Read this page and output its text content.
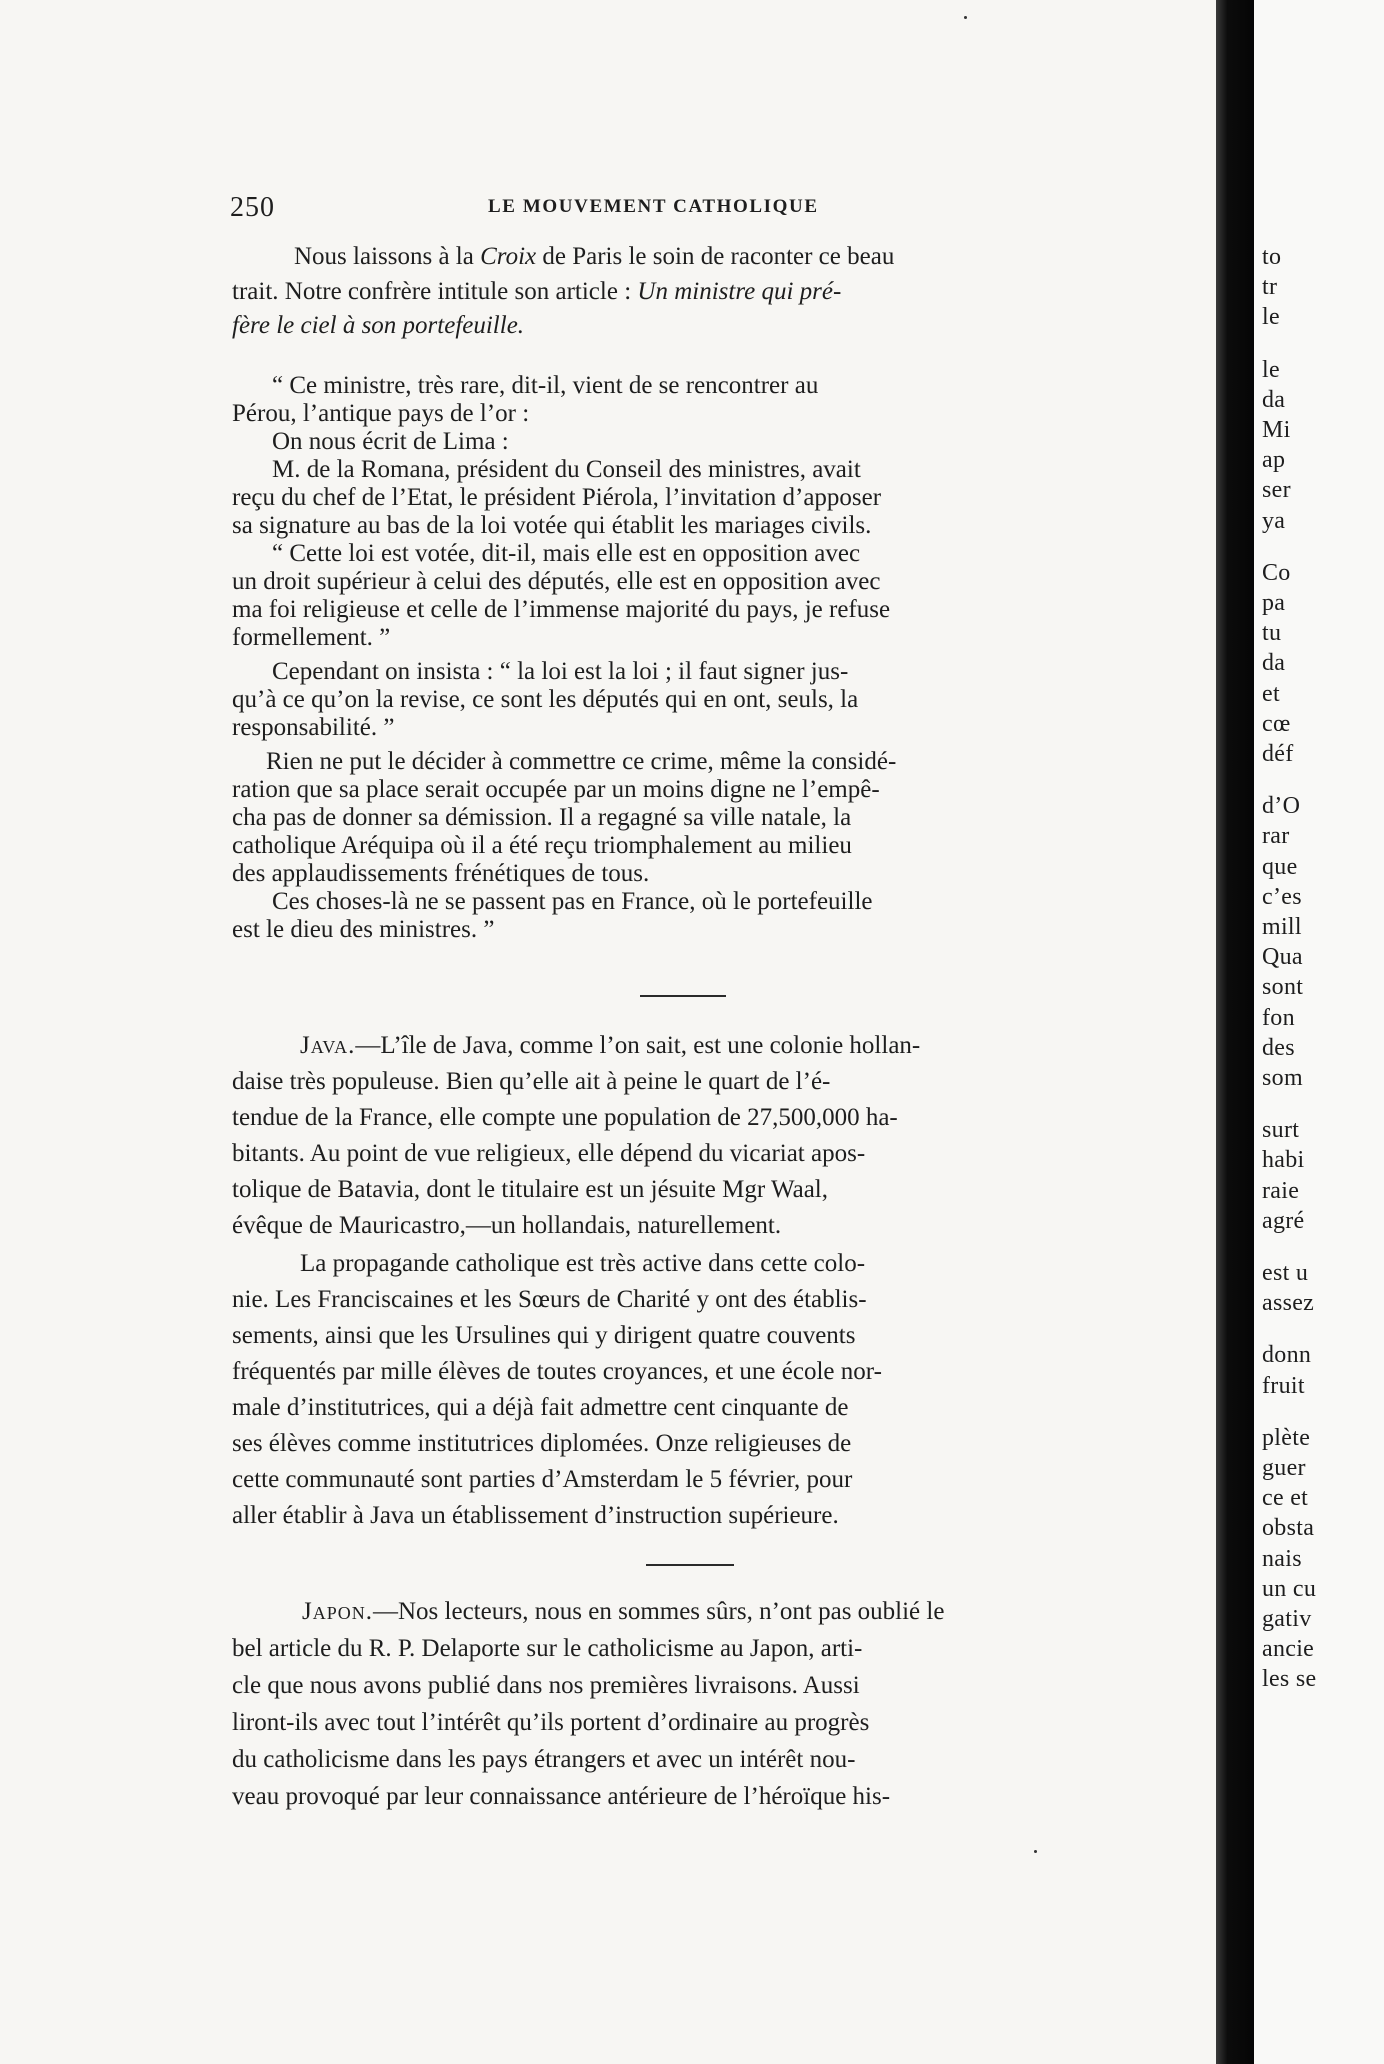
250	LE MOUVEMENT CATHOLIQUE
Nous laissons à la Croix de Paris le soin de raconter ce beau
trait. Notre confrère intitule son article : Un ministre qui pré-
fère le ciel à son portefeuille.
“ Ce ministre, très rare, dit-il, vient de se rencontrer au
Pérou, l’antique pays de l’or :
On nous écrit de Lima :
M. de la Romana, président du Conseil des ministres, avait
reçu du chef de l’Etat, le président Piérola, l’invitation d’apposer
sa signature au bas de la loi votée qui établit les mariages civils.
“ Cette loi est votée, dit-il, mais elle est en opposition avec
un droit supérieur à celui des députés, elle est en opposition avec
ma foi religieuse et celle de l’immense majorité du pays, je refuse
formellement. ”
Cependant on insista : “ la loi est la loi ; il faut signer jus-
qu’à ce qu’on la revise, ce sont les députés qui en ont, seuls, la
responsabilité. ”
Rien ne put le décider à commettre ce crime, même la considé-
ration que sa place serait occupée par un moins digne ne l’empê-
cha pas de donner sa démission. Il a regagné sa ville natale, la
catholique Aréquipa où il a été reçu triomphalement au milieu
des applaudissements frénétiques de tous.
Ces choses-là ne se passent pas en France, où le portefeuille
est le dieu des ministres. ”
Java.—L’île de Java, comme l’on sait, est une colonie hollan-
daise très populeuse. Bien qu’elle ait à peine le quart de l’é-
tendue de la France, elle compte une population de 27,500,000 ha-
bitants. Au point de vue religieux, elle dépend du vicariat apos-
tolique de Batavia, dont le titulaire est un jésuite Mgr Waal,
évêque de Mauricastro,—un hollandais, naturellement.
La propagande catholique est très active dans cette colo-
nie. Les Franciscaines et les Sœurs de Charité y ont des établis-
sements, ainsi que les Ursulines qui y dirigent quatre couvents
fréquentés par mille élèves de toutes croyances, et une école nor-
male d’institutrices, qui a déjà fait admettre cent cinquante de
ses élèves comme institutrices diplomées. Onze religieuses de
cette communauté sont parties d’Amsterdam le 5 février, pour
aller établir à Java un établissement d’instruction supérieure.
Japon.—Nos lecteurs, nous en sommes sûrs, n’ont pas oublié le
bel article du R. P. Delaporte sur le catholicisme au Japon, arti-
cle que nous avons publié dans nos premières livraisons. Aussi
liront-ils avec tout l’intérêt qu’ils portent d’ordinaire au progrès
du catholicisme dans les pays étrangers et avec un intérêt nou-
veau provoqué par leur connaissance antérieure de l’héroïque his-
to
tr
le
le
da
Mi
ap
ser
ya
Co
pa
tu
da
et
cœ
déf
d’O
rar
que
c’es
mill
Qua
sont
fon
des
som
surt
habi
raie
agré
est u
assez
donn
fruit
plète
guer
ce et
obsta
nais
un cu
gativ
ancie
les se
